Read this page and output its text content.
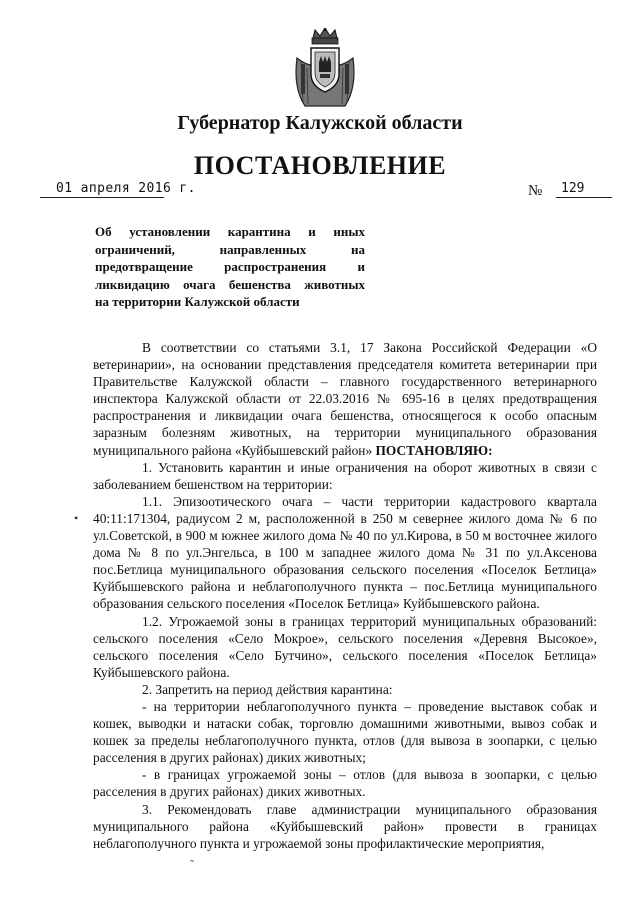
Губернатор Калужской области
ПОСТАНОВЛЕНИЕ
01 апреля 2016 г.	№ 129
Об установлении карантина и иных
ограничений, направленных на
предотвращение распространения и
ликвидацию очага бешенства животных
на территории Калужской области

В соответствии со статьями 3.1, 17 Закона Российской Федерации «О ветеринарии», на основании представления председателя комитета ветеринарии при Правительстве Калужской области – главного государственного ветеринарного инспектора Калужской области от 22.03.2016 № 695-16 в целях предотвращения распространения и ликвидации очага бешенства, относящегося к особо опасным заразным болезням животных, на территории муниципального образования муниципального района «Куйбышевский район» ПОСТАНОВЛЯЮ:

1. Установить карантин и иные ограничения на оборот животных в связи с заболеванием бешенством на территории:

1.1. Эпизоотического очага – части территории кадастрового квартала 40:11:171304, радиусом 2 м, расположенной в 250 м севернее жилого дома № 6 по ул.Советской, в 900 м южнее жилого дома № 40 по ул.Кирова, в 50 м восточнее жилого дома № 8 по ул.Энгельса, в 100 м западнее жилого дома № 31 по ул.Аксенова пос.Бетлица муниципального образования сельского поселения «Поселок Бетлица» Куйбышевского района и неблагополучного пункта – пос.Бетлица муниципального образования сельского поселения «Поселок Бетлица» Куйбышевского района.

1.2. Угрожаемой зоны в границах территорий муниципальных образований: сельского поселения «Село Мокрое», сельского поселения «Деревня Высокое», сельского поселения «Село Бутчино», сельского поселения «Поселок Бетлица» Куйбышевского района.

2. Запретить на период действия карантина:

- на территории неблагополучного пункта – проведение выставок собак и кошек, выводки и натаски собак, торговлю домашними животными, вывоз собак и кошек за пределы неблагополучного пункта, отлов (для вывоза в зоопарки, с целью расселения в других районах) диких животных;

- в границах угрожаемой зоны – отлов (для вывоза в зоопарки, с целью расселения в других районах) диких животных.

3. Рекомендовать главе администрации муниципального образования муниципального района «Куйбышевский район» провести в границах неблагополучного пункта и угрожаемой зоны профилактические мероприятия,

•
˜
